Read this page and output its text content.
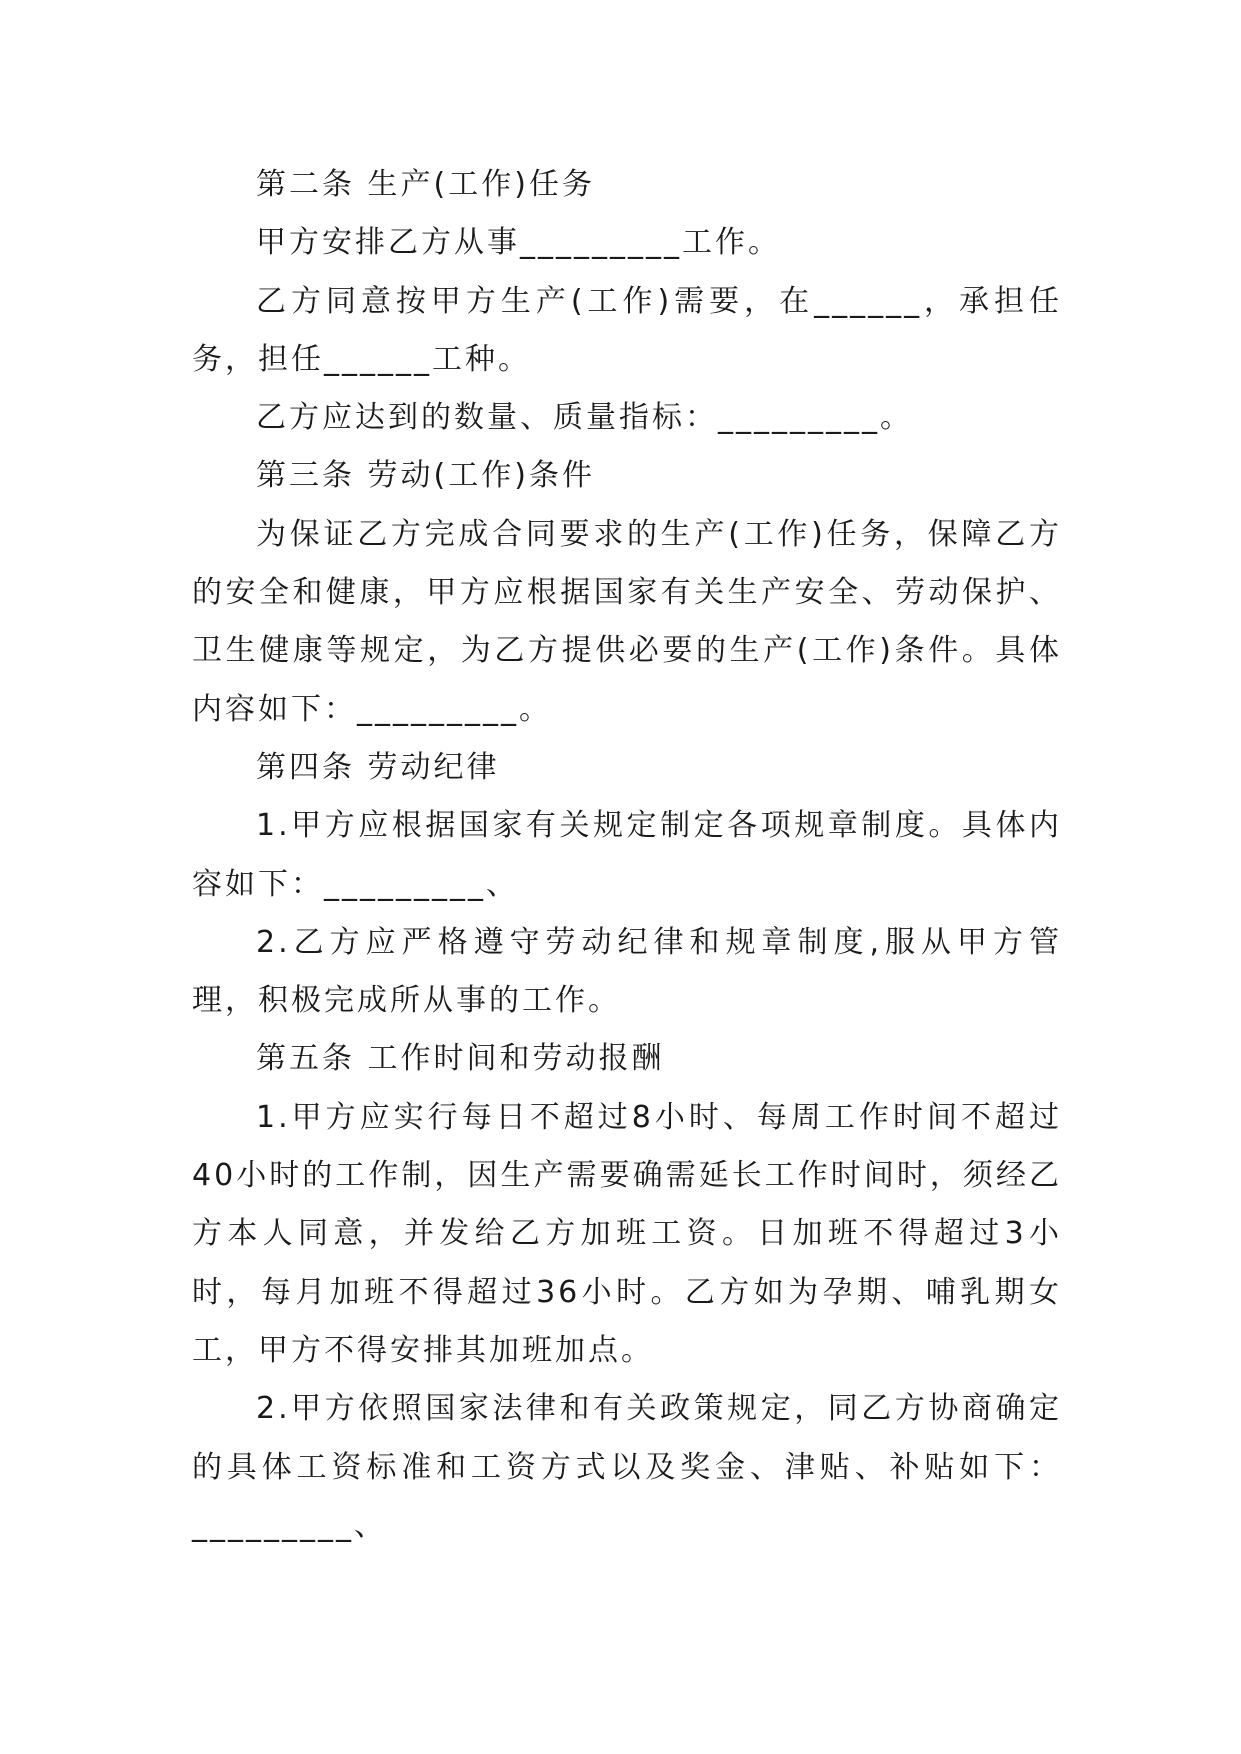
第二条 生产(工作)任务

甲方安排乙方从事_________工作。

乙方同意按甲方生产(工作)需要，在______，承担任务，担任______工种。

乙方应达到的数量、质量指标：_________。

第三条 劳动(工作)条件

为保证乙方完成合同要求的生产(工作)任务，保障乙方的安全和健康，甲方应根据国家有关生产安全、劳动保护、卫生健康等规定，为乙方提供必要的生产(工作)条件。具体内容如下：_________。

第四条 劳动纪律

1.甲方应根据国家有关规定制定各项规章制度。具体内容如下：_________、

2.乙方应严格遵守劳动纪律和规章制度,服从甲方管理，积极完成所从事的工作。

第五条 工作时间和劳动报酬

1.甲方应实行每日不超过8小时、每周工作时间不超过40小时的工作制，因生产需要确需延长工作时间时，须经乙方本人同意，并发给乙方加班工资。日加班不得超过3小时，每月加班不得超过36小时。乙方如为孕期、哺乳期女工，甲方不得安排其加班加点。

2.甲方依照国家法律和有关政策规定，同乙方协商确定的具体工资标准和工资方式以及奖金、津贴、补贴如下：_________、
